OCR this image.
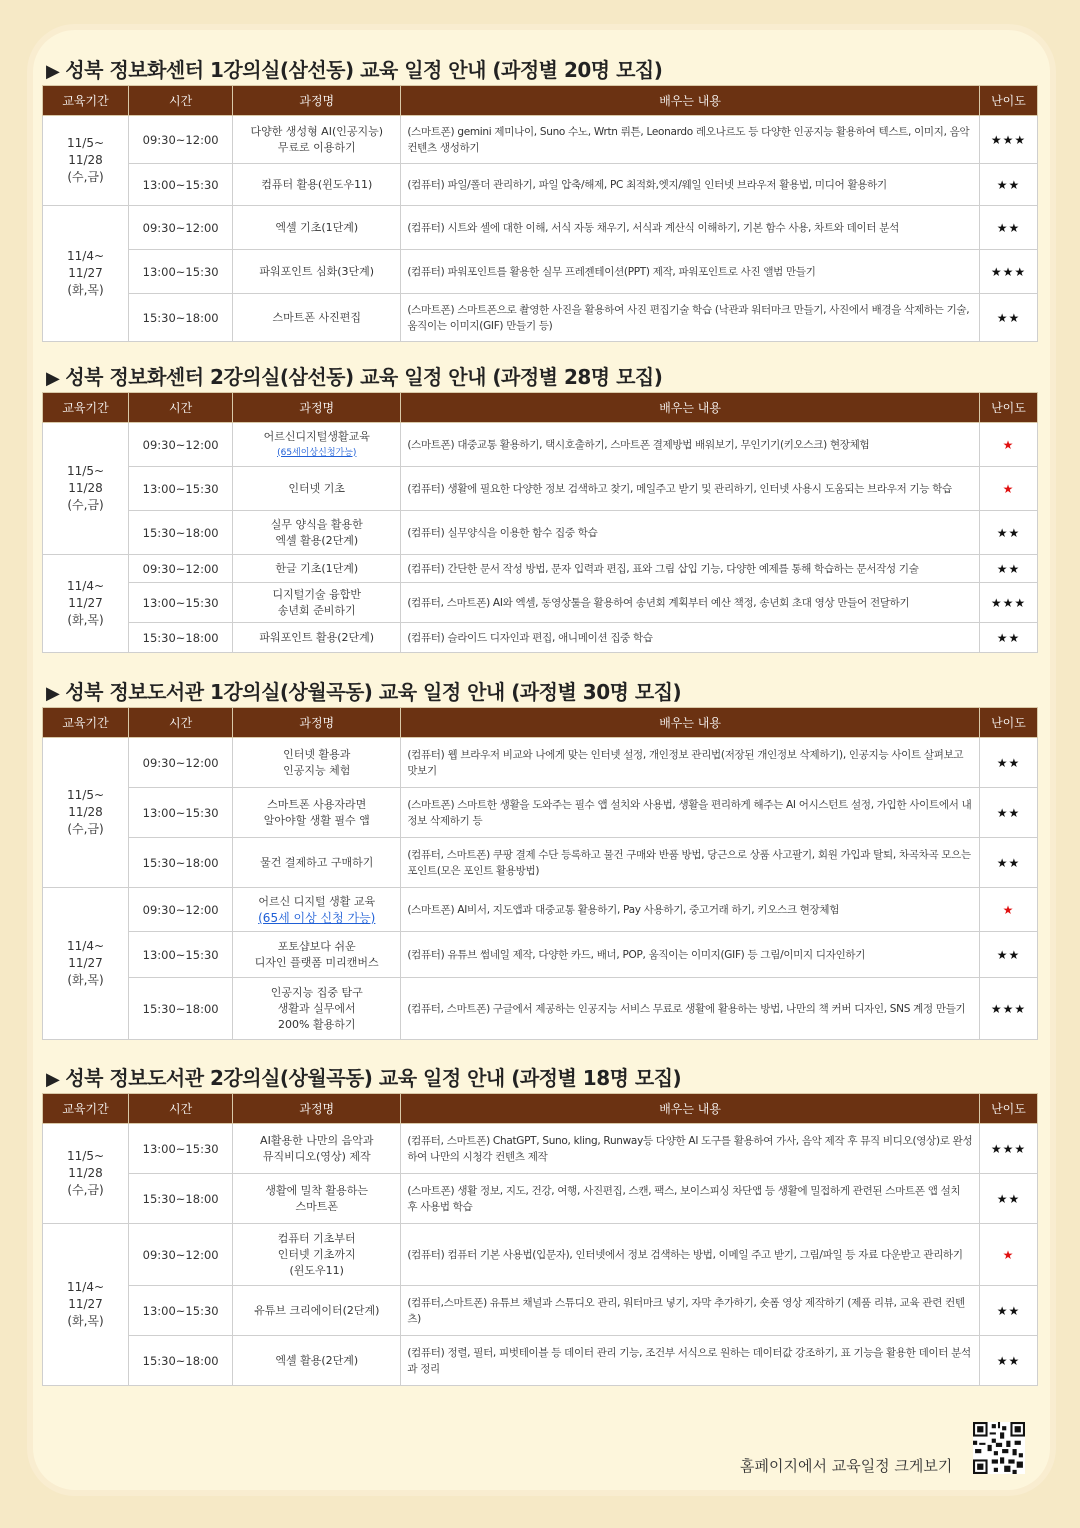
▶ 성북 정보화센터 1강의실(삼선동) 교육 일정 안내 (과정별 20명 모집)
교육기간	시간	과정명	배우는 내용	난이도
11/5~
11/28
(수,금)	09:30~12:00	다양한 생성형 AI(인공지능)
무료로 이용하기	(스마트폰) gemini 제미나이, Suno 수노, Wrtn 뤼튼, Leonardo 레오나르도 등 다양한 인공지능 활용하여 텍스트, 이미지, 음악 컨텐츠 생성하기	★★★
	13:00~15:30	컴퓨터 활용(윈도우11)	(컴퓨터) 파일/폴더 관리하기, 파일 압축/해제, PC 최적화,엣지/웨일 인터넷 브라우저 활용법, 미디어 활용하기	★★
11/4~
11/27
(화,목)	09:30~12:00	엑셀 기초(1단계)	(컴퓨터) 시트와 셀에 대한 이해, 서식 자동 채우기, 서식과 계산식 이해하기, 기본 함수 사용, 차트와 데이터 분석	★★
	13:00~15:30	파워포인트 심화(3단계)	(컴퓨터) 파워포인트를 활용한 실무 프레젠테이션(PPT) 제작, 파워포인트로 사진 앨범 만들기	★★★
	15:30~18:00	스마트폰 사진편집	(스마트폰) 스마트폰으로 촬영한 사진을 활용하여 사진 편집기술 학습 (낙관과 워터마크 만들기, 사진에서 배경을 삭제하는 기술, 움직이는 이미지(GIF) 만들기 등)	★★
▶ 성북 정보화센터 2강의실(삼선동) 교육 일정 안내 (과정별 28명 모집)
교육기간	시간	과정명	배우는 내용	난이도
11/5~
11/28
(수,금)	09:30~12:00	어르신디지털생활교육
(65세이상신청가능)	(스마트폰) 대중교통 활용하기, 택시호출하기, 스마트폰 결제방법 배워보기, 무인기기(키오스크) 현장체험	★
	13:00~15:30	인터넷 기초	(컴퓨터) 생활에 필요한 다양한 정보 검색하고 찾기, 메일주고 받기 및 관리하기, 인터넷 사용시 도움되는 브라우저 기능 학습	★
	15:30~18:00	실무 양식을 활용한
엑셀 활용(2단계)	(컴퓨터) 실무양식을 이용한 함수 집중 학습	★★
11/4~
11/27
(화,목)	09:30~12:00	한글 기초(1단계)	(컴퓨터) 간단한 문서 작성 방법, 문자 입력과 편집, 표와 그림 삽입 기능, 다양한 예제를 통해 학습하는 문서작성 기술	★★
	13:00~15:30	디지털기술 융합반
송년회 준비하기	(컴퓨터, 스마트폰) AI와 엑셀, 동영상툴을 활용하여 송년회 계획부터 예산 책정, 송년회 초대 영상 만들어 전달하기	★★★
	15:30~18:00	파워포인트 활용(2단계)	(컴퓨터) 슬라이드 디자인과 편집, 애니메이션 집중 학습	★★
▶ 성북 정보도서관 1강의실(상월곡동) 교육 일정 안내 (과정별 30명 모집)
교육기간	시간	과정명	배우는 내용	난이도
11/5~
11/28
(수,금)	09:30~12:00	인터넷 활용과
인공지능 체험	(컴퓨터) 웹 브라우저 비교와 나에게 맞는 인터넷 설정, 개인정보 관리법(저장된 개인정보 삭제하기), 인공지능 사이트 살펴보고 맛보기	★★
	13:00~15:30	스마트폰 사용자라면
알아야할 생활 필수 앱	(스마트폰) 스마트한 생활을 도와주는 필수 앱 설치와 사용법, 생활을 편리하게 해주는 AI 어시스턴트 설정, 가입한 사이트에서 내 정보 삭제하기 등	★★
	15:30~18:00	물건 결제하고 구매하기	(컴퓨터, 스마트폰) 쿠팡 결제 수단 등록하고 물건 구매와 반품 방법, 당근으로 상품 사고팔기, 회원 가입과 탈퇴, 차곡차곡 모으는 포인트(모은 포인트 활용방법)	★★
11/4~
11/27
(화,목)	09:30~12:00	어르신 디지털 생활 교육
(65세 이상 신청 가능)	(스마트폰) AI비서, 지도앱과 대중교통 활용하기, Pay 사용하기, 중고거래 하기, 키오스크 현장체험	★
	13:00~15:30	포토샵보다 쉬운
디자인 플랫폼 미리캔버스	(컴퓨터) 유튜브 썸네일 제작, 다양한 카드, 배너, POP, 움직이는 이미지(GIF) 등 그림/이미지 디자인하기	★★
	15:30~18:00	인공지능 집중 탐구
생활과 실무에서
200% 활용하기	(컴퓨터, 스마트폰) 구글에서 제공하는 인공지능 서비스 무료로 생활에 활용하는 방법, 나만의 책 커버 디자인, SNS 계정 만들기	★★★
▶ 성북 정보도서관 2강의실(상월곡동) 교육 일정 안내 (과정별 18명 모집)
교육기간	시간	과정명	배우는 내용	난이도
11/5~
11/28
(수,금)	13:00~15:30	AI활용한 나만의 음악과
뮤직비디오(영상) 제작	(컴퓨터, 스마트폰) ChatGPT, Suno, kling, Runway등 다양한 AI 도구를 활용하여 가사, 음악 제작 후 뮤직 비디오(영상)로 완성하여 나만의 시청각 컨텐츠 제작	★★★
	15:30~18:00	생활에 밀착 활용하는
스마트폰	(스마트폰) 생활 정보, 지도, 건강, 여행, 사진편집, 스캔, 팩스, 보이스피싱 차단앱 등 생활에 밀접하게 관련된 스마트폰 앱 설치 후 사용법 학습	★★
11/4~
11/27
(화,목)	09:30~12:00	컴퓨터 기초부터
인터넷 기초까지
(윈도우11)	(컴퓨터) 컴퓨터 기본 사용법(입문자), 인터넷에서 정보 검색하는 방법, 이메일 주고 받기, 그림/파일 등 자료 다운받고 관리하기	★
	13:00~15:30	유튜브 크리에이터(2단계)	(컴퓨터,스마트폰) 유튜브 채널과 스튜디오 관리, 워터마크 넣기, 자막 추가하기, 숏폼 영상 제작하기 (제품 리뷰, 교육 관련 컨텐츠)	★★
	15:30~18:00	엑셀 활용(2단계)	(컴퓨터) 정렬, 필터, 피벗테이블 등 데이터 관리 기능, 조건부 서식으로 원하는 데이터값 강조하기, 표 기능을 활용한 데이터 분석과 정리	★★
홈페이지에서 교육일정 크게보기
